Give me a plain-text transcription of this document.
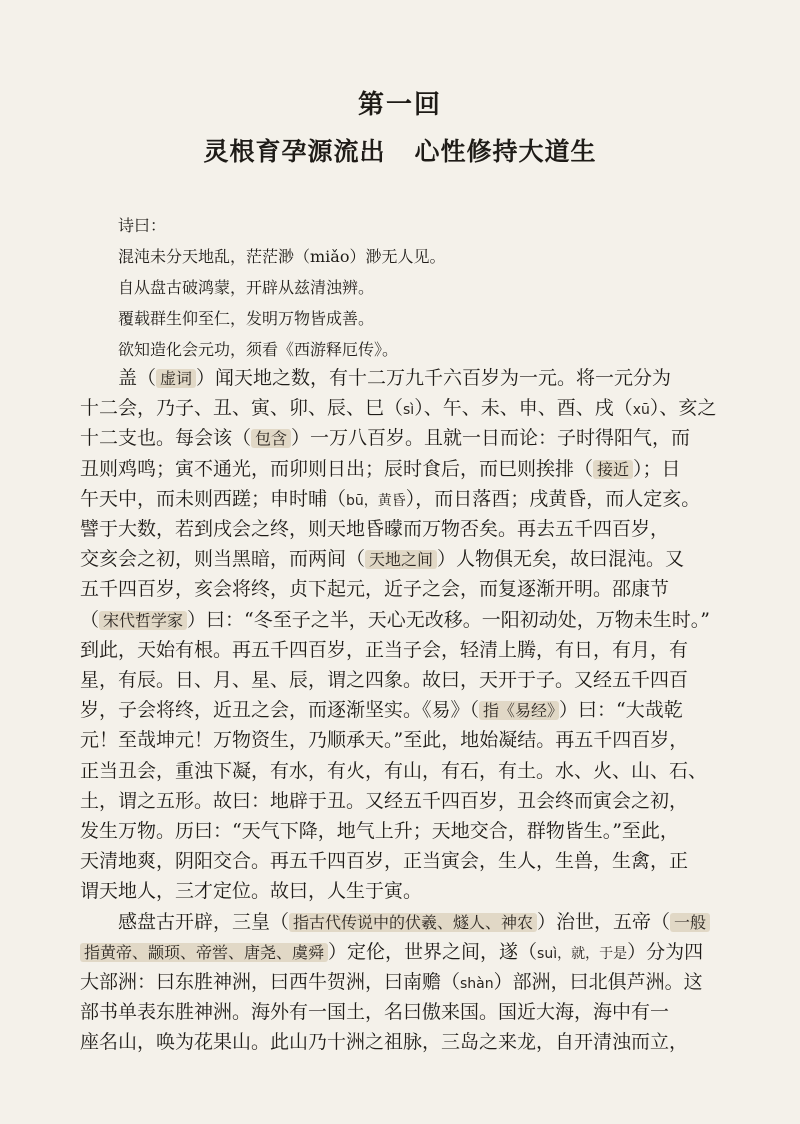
第一回
灵根育孕源流出   心性修持大道生
诗曰：
混沌未分天地乱，茫茫渺（miǎo）渺无人见。
自从盘古破鸿蒙，开辟从兹清浊辨。
覆载群生仰至仁，发明万物皆成善。
欲知造化会元功，须看《西游释厄传》。
盖（ 虚词 ）闻天地之数，有十二万九千六百岁为一元。将一元分为
十二会，乃子、丑、寅、卯、辰、巳（sì）、午、未、申、酉、戌（xū）、亥之
十二支也。每会该（ 包含 ）一万八百岁。且就一日而论：子时得阳气，而
丑则鸡鸣；寅不通光，而卯则日出；辰时食后，而巳则挨排（ 接近 ）；日
午天中，而未则西蹉；申时晡（bū，黄昏），而日落酉；戌黄昏，而人定亥。
譬于大数，若到戌会之终，则天地昏曚而万物否矣。再去五千四百岁，
交亥会之初，则当黑暗，而两间（ 天地之间 ）人物俱无矣，故曰混沌。又
五千四百岁，亥会将终，贞下起元，近子之会，而复逐渐开明。邵康节
（ 宋代哲学家 ）曰：“冬至子之半，天心无改移。一阳初动处，万物未生时。”
到此，天始有根。再五千四百岁，正当子会，轻清上腾，有日，有月，有
星，有辰。日、月、星、辰，谓之四象。故曰，天开于子。又经五千四百
岁，子会将终，近丑之会，而逐渐坚实。《易》（ 指《易经》 ）曰：“大哉乾
元！至哉坤元！万物资生，乃顺承天。”至此，地始凝结。再五千四百岁，
正当丑会，重浊下凝，有水，有火，有山，有石，有土。水、火、山、石、
土，谓之五形。故曰：地辟于丑。又经五千四百岁，丑会终而寅会之初，
发生万物。历曰：“天气下降，地气上升；天地交合，群物皆生。”至此，
天清地爽，阴阳交合。再五千四百岁，正当寅会，生人，生兽，生禽，正
谓天地人，三才定位。故曰，人生于寅。
感盘古开辟，三皇（ 指古代传说中的伏羲、燧人、神农 ）治世，五帝（ 一般
指黄帝、颛顼、帝喾、唐尧、虞舜 ）定伦，世界之间，遂（suì，就，于是）分为四
大部洲：曰东胜神洲，曰西牛贺洲，曰南赡（shàn）部洲，曰北俱芦洲。这
部书单表东胜神洲。海外有一国土，名曰傲来国。国近大海，海中有一
座名山，唤为花果山。此山乃十洲之祖脉，三岛之来龙，自开清浊而立，
